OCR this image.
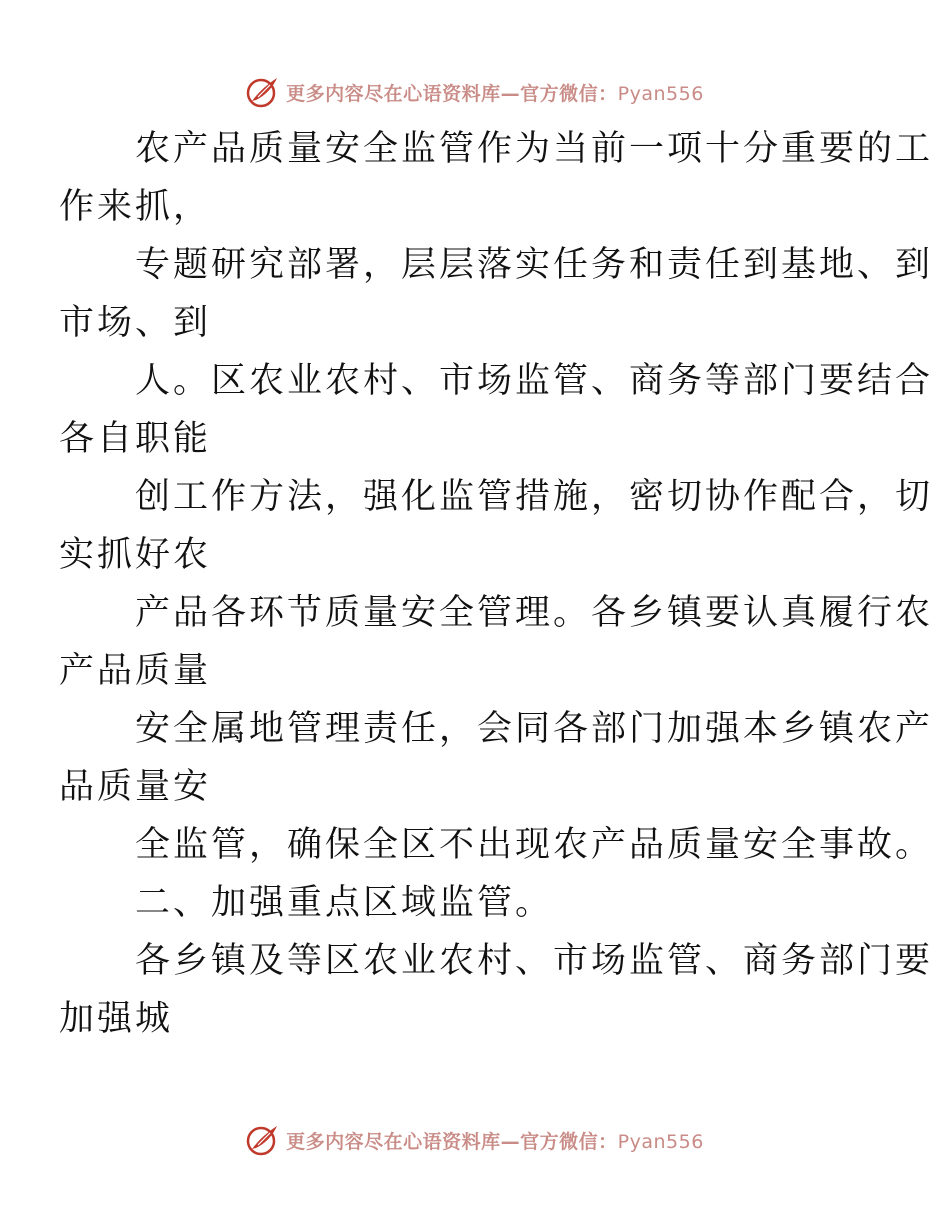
更多内容尽在心语资料库—官方微信：Pyan556

农产品质量安全监管作为当前一项十分重要的工
作来抓，

专题研究部署，层层落实任务和责任到基地、到
市场、到

人。区农业农村、市场监管、商务等部门要结合
各自职能

创工作方法，强化监管措施，密切协作配合，切
实抓好农

产品各环节质量安全管理。各乡镇要认真履行农
产品质量

安全属地管理责任，会同各部门加强本乡镇农产
品质量安

全监管，确保全区不出现农产品质量安全事故。

二、加强重点区域监管。

各乡镇及等区农业农村、市场监管、商务部门要
加强城

更多内容尽在心语资料库—官方微信：Pyan556
